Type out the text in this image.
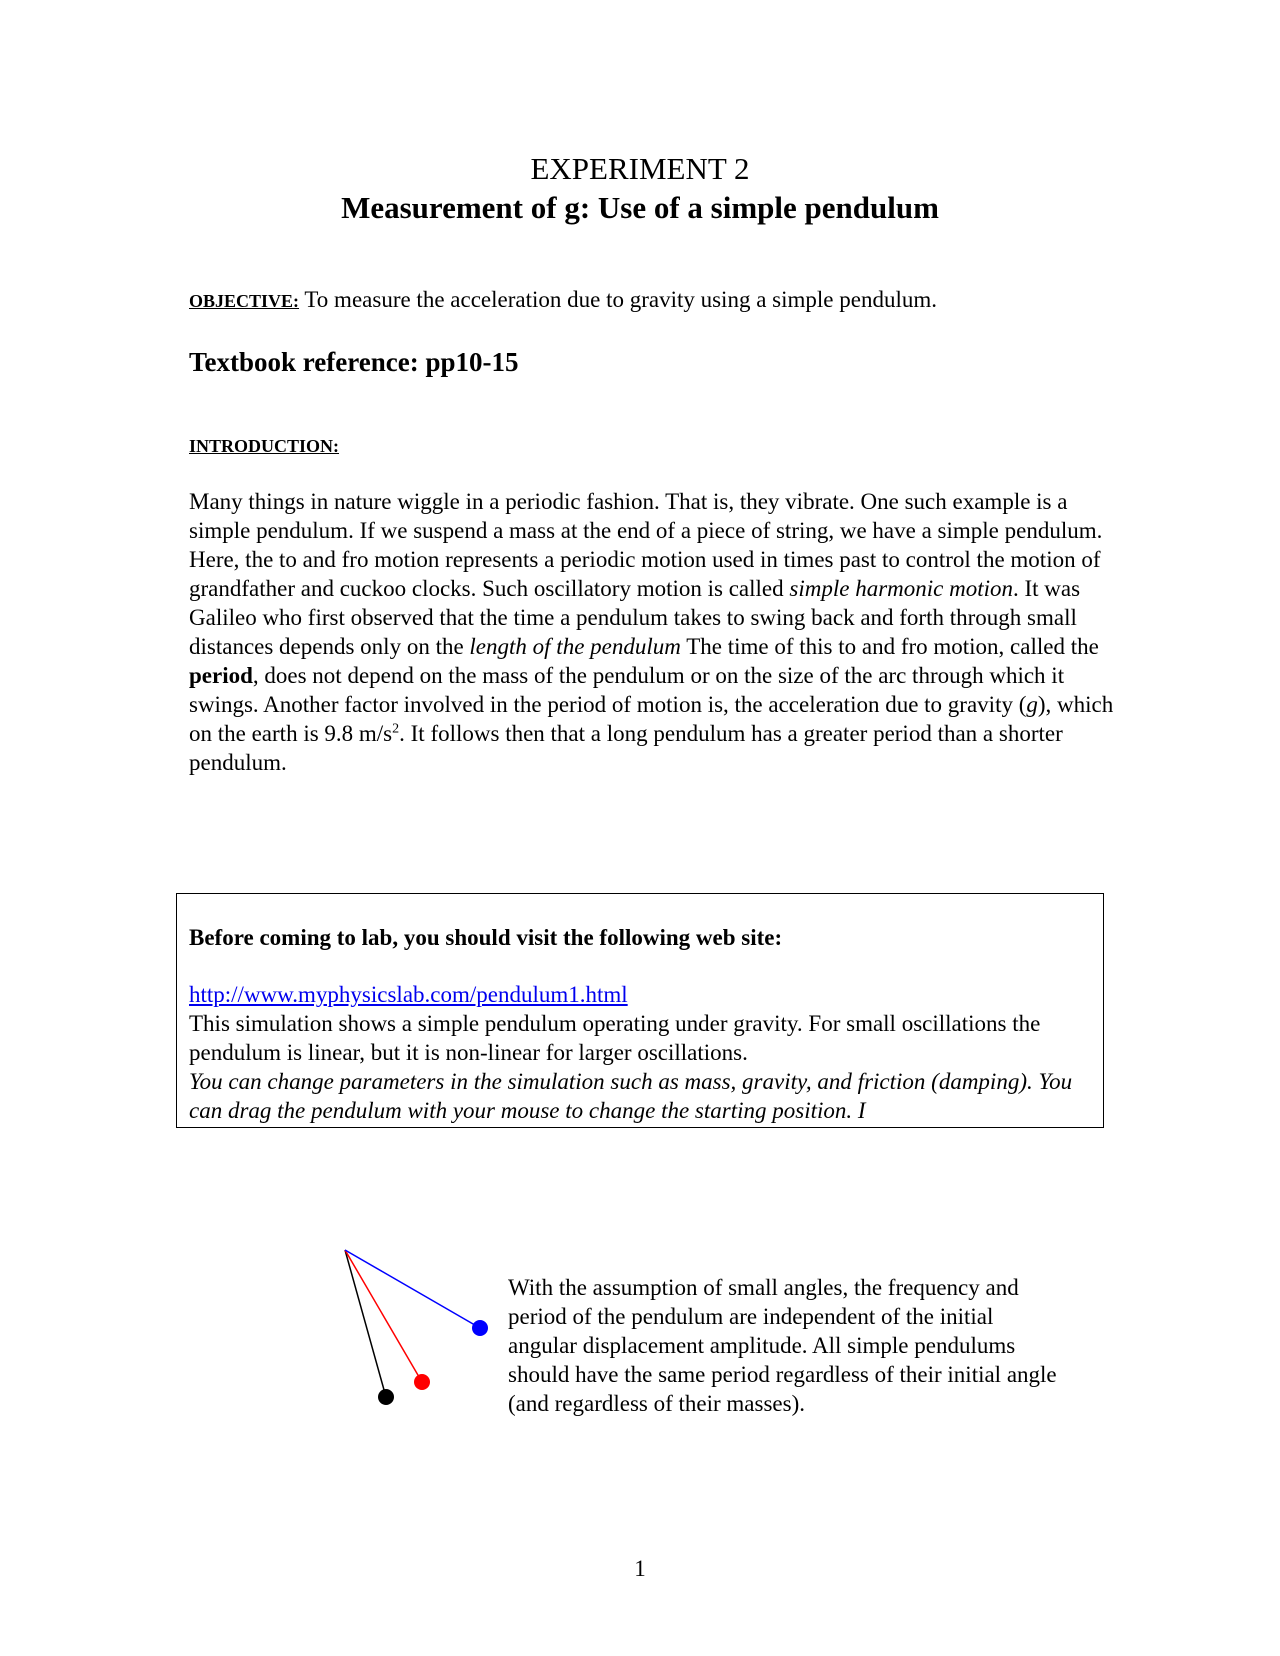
EXPERIMENT 2
Measurement of g: Use of a simple pendulum
OBJECTIVE: To measure the acceleration due to gravity using a simple pendulum.
Textbook reference: pp10-15
INTRODUCTION:

Many things in nature wiggle in a periodic fashion. That is, they vibrate. One such example is a simple pendulum. If we suspend a mass at the end of a piece of string, we have a simple pendulum. Here, the to and fro motion represents a periodic motion used in times past to control the motion of grandfather and cuckoo clocks. Such oscillatory motion is called simple harmonic motion. It was Galileo who first observed that the time a pendulum takes to swing back and forth through small distances depends only on the length of the pendulum The time of this to and fro motion, called the period, does not depend on the mass of the pendulum or on the size of the arc through which it swings. Another factor involved in the period of motion is, the acceleration due to gravity (g), which on the earth is 9.8 $m/s^2$. It follows then that a long pendulum has a greater period than a shorter pendulum.

Before coming to lab, you should visit the following web site:
http://www.myphysicslab.com/pendulum1.html
This simulation shows a simple pendulum operating under gravity. For small oscillations the pendulum is linear, but it is non-linear for larger oscillations.
You can change parameters in the simulation such as mass, gravity, and friction (damping). You can drag the pendulum with your mouse to change the starting position. I
With the assumption of small angles, the frequency and period of the pendulum are independent of the initial angular displacement amplitude. All simple pendulums should have the same period regardless of their initial angle (and regardless of their masses).
1
